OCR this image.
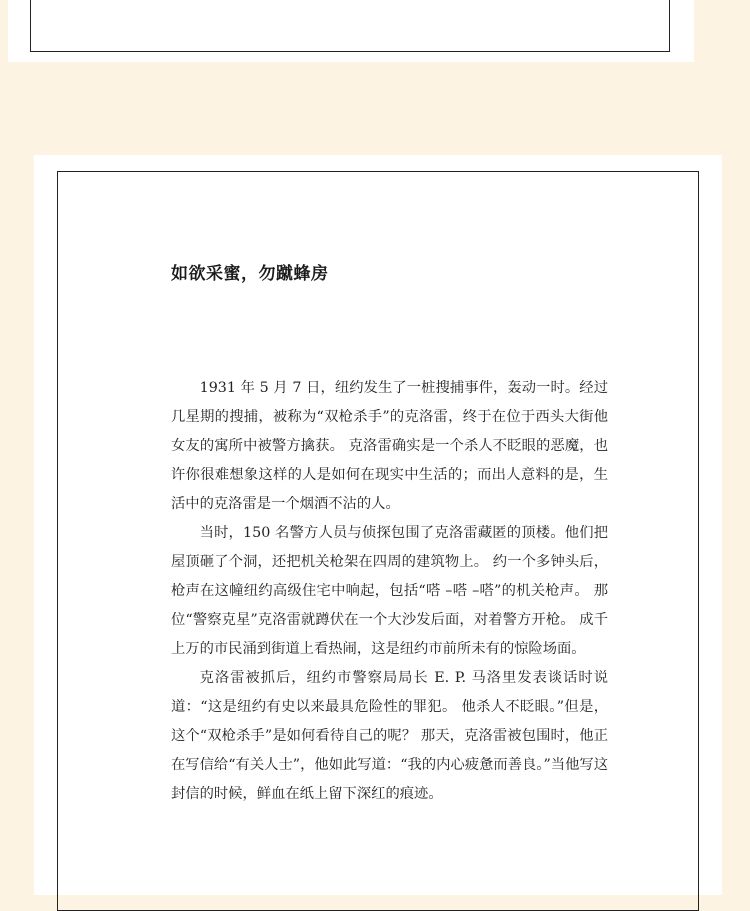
如欲采蜜，勿蹴蜂房

1931 年 5 月 7 日，纽约发生了一桩搜捕事件，轰动一时。经过几星期的搜捕，被称为“双枪杀手”的克洛雷，终于在位于西头大街他女友的寓所中被警方擒获。 克洛雷确实是一个杀人不眨眼的恶魔，也许你很难想象这样的人是如何在现实中生活的；而出人意料的是，生活中的克洛雷是一个烟酒不沾的人。

当时，150 名警方人员与侦探包围了克洛雷藏匿的顶楼。他们把屋顶砸了个洞，还把机关枪架在四周的建筑物上。 约一个多钟头后，枪声在这幢纽约高级住宅中响起，包括“嗒 –嗒 –嗒”的机关枪声。 那位“警察克星”克洛雷就蹲伏在一个大沙发后面，对着警方开枪。 成千上万的市民涌到街道上看热闹，这是纽约市前所未有的惊险场面。

克洛雷被抓后，纽约市警察局局长 E. P. 马洛里发表谈话时说道：“这是纽约有史以来最具危险性的罪犯。 他杀人不眨眼。”但是，这个“双枪杀手”是如何看待自己的呢？ 那天，克洛雷被包围时，他正在写信给“有关人士”，他如此写道：“我的内心疲惫而善良。”当他写这封信的时候，鲜血在纸上留下深红的痕迹。
